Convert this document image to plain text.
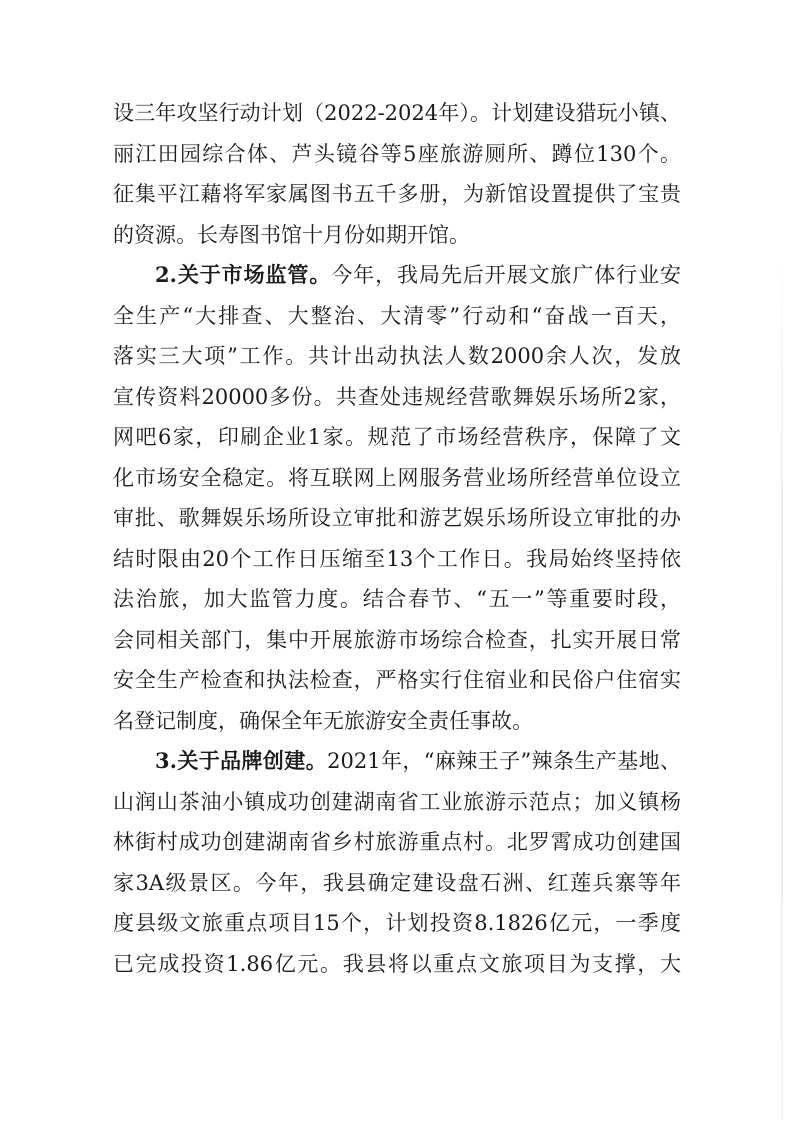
设三年攻坚行动计划（2022-2024年）。计划建设猎玩小镇、
丽江田园综合体、芦头镜谷等5座旅游厕所、蹲位130个。
征集平江藉将军家属图书五千多册，为新馆设置提供了宝贵
的资源。长寿图书馆十月份如期开馆。
2.关于市场监管。今年，我局先后开展文旅广体行业安
全生产“大排查、大整治、大清零”行动和“奋战一百天，
落实三大项”工作。共计出动执法人数2000余人次，发放
宣传资料20000多份。共查处违规经营歌舞娱乐场所2家，
网吧6家，印刷企业1家。规范了市场经营秩序，保障了文
化市场安全稳定。将互联网上网服务营业场所经营单位设立
审批、歌舞娱乐场所设立审批和游艺娱乐场所设立审批的办
结时限由20个工作日压缩至13个工作日。我局始终坚持依
法治旅，加大监管力度。结合春节、“五一”等重要时段，
会同相关部门，集中开展旅游市场综合检查，扎实开展日常
安全生产检查和执法检查，严格实行住宿业和民俗户住宿实
名登记制度，确保全年无旅游安全责任事故。
3.关于品牌创建。2021年，“麻辣王子”辣条生产基地、
山润山茶油小镇成功创建湖南省工业旅游示范点；加义镇杨
林街村成功创建湖南省乡村旅游重点村。北罗霄成功创建国
家3A级景区。今年，我县确定建设盘石洲、红莲兵寨等年
度县级文旅重点项目15个，计划投资8.1826亿元，一季度
已完成投资1.86亿元。我县将以重点文旅项目为支撑，大
